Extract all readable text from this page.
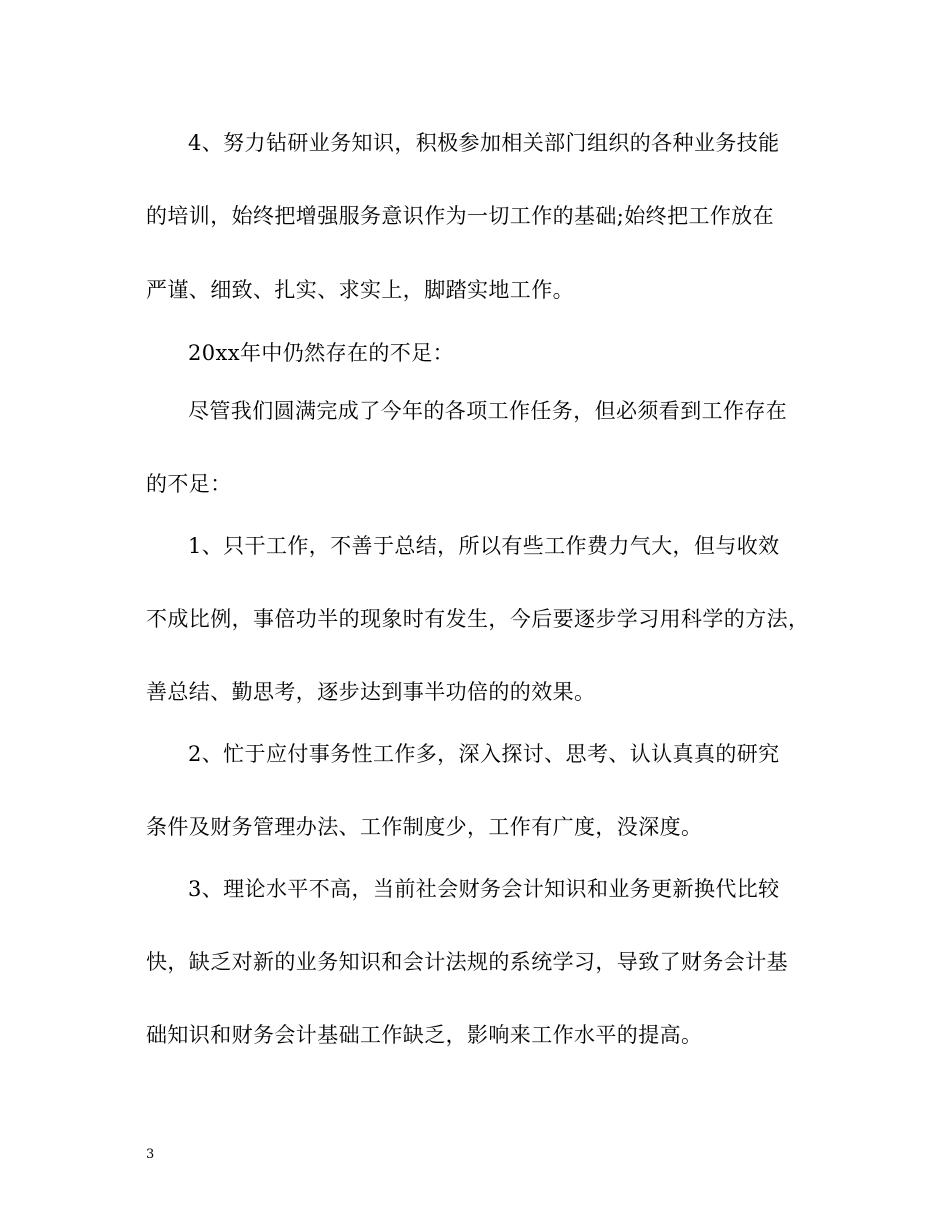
4、努力钻研业务知识，积极参加相关部门组织的各种业务技能
的培训，始终把增强服务意识作为一切工作的基础;始终把工作放在
严谨、细致、扎实、求实上，脚踏实地工作。
20xx年中仍然存在的不足：
尽管我们圆满完成了今年的各项工作任务，但必须看到工作存在
的不足：
1、只干工作，不善于总结，所以有些工作费力气大，但与收效
不成比例，事倍功半的现象时有发生，今后要逐步学习用科学的方法，
善总结、勤思考，逐步达到事半功倍的的效果。
2、忙于应付事务性工作多，深入探讨、思考、认认真真的研究
条件及财务管理办法、工作制度少，工作有广度，没深度。
3、理论水平不高，当前社会财务会计知识和业务更新换代比较
快，缺乏对新的业务知识和会计法规的系统学习，导致了财务会计基
础知识和财务会计基础工作缺乏，影响来工作水平的提高。
3
